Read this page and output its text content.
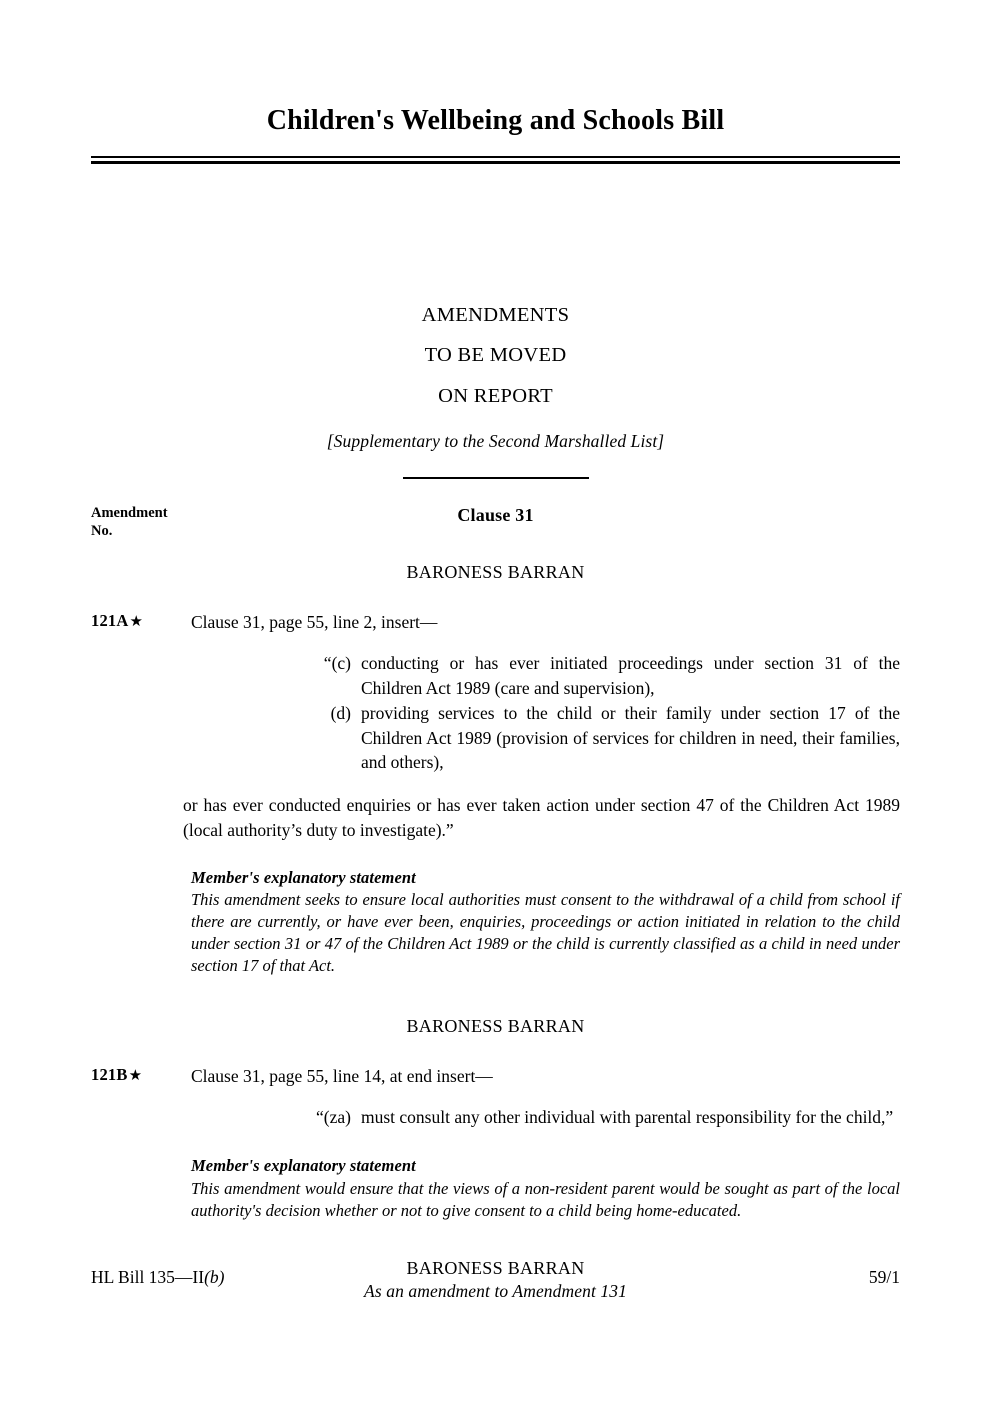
Children's Wellbeing and Schools Bill
AMENDMENTS
TO BE MOVED
ON REPORT
[Supplementary to the Second Marshalled List]
Amendment
No.
Clause 31
BARONESS BARRAN
121A★	Clause 31, page 55, line 2, insert—
“(c) conducting or has ever initiated proceedings under section 31 of the Children Act 1989 (care and supervision),
(d) providing services to the child or their family under section 17 of the Children Act 1989 (provision of services for children in need, their families, and others),
or has ever conducted enquiries or has ever taken action under section 47 of the Children Act 1989 (local authority’s duty to investigate).”
Member's explanatory statement
This amendment seeks to ensure local authorities must consent to the withdrawal of a child from school if there are currently, or have ever been, enquiries, proceedings or action initiated in relation to the child under section 31 or 47 of the Children Act 1989 or the child is currently classified as a child in need under section 17 of that Act.
BARONESS BARRAN
121B★	Clause 31, page 55, line 14, at end insert—
“(za) must consult any other individual with parental responsibility for the child,”
Member's explanatory statement
This amendment would ensure that the views of a non-resident parent would be sought as part of the local authority's decision whether or not to give consent to a child being home-educated.
BARONESS BARRAN
As an amendment to Amendment 131
HL Bill 135—II(b)	59/1
